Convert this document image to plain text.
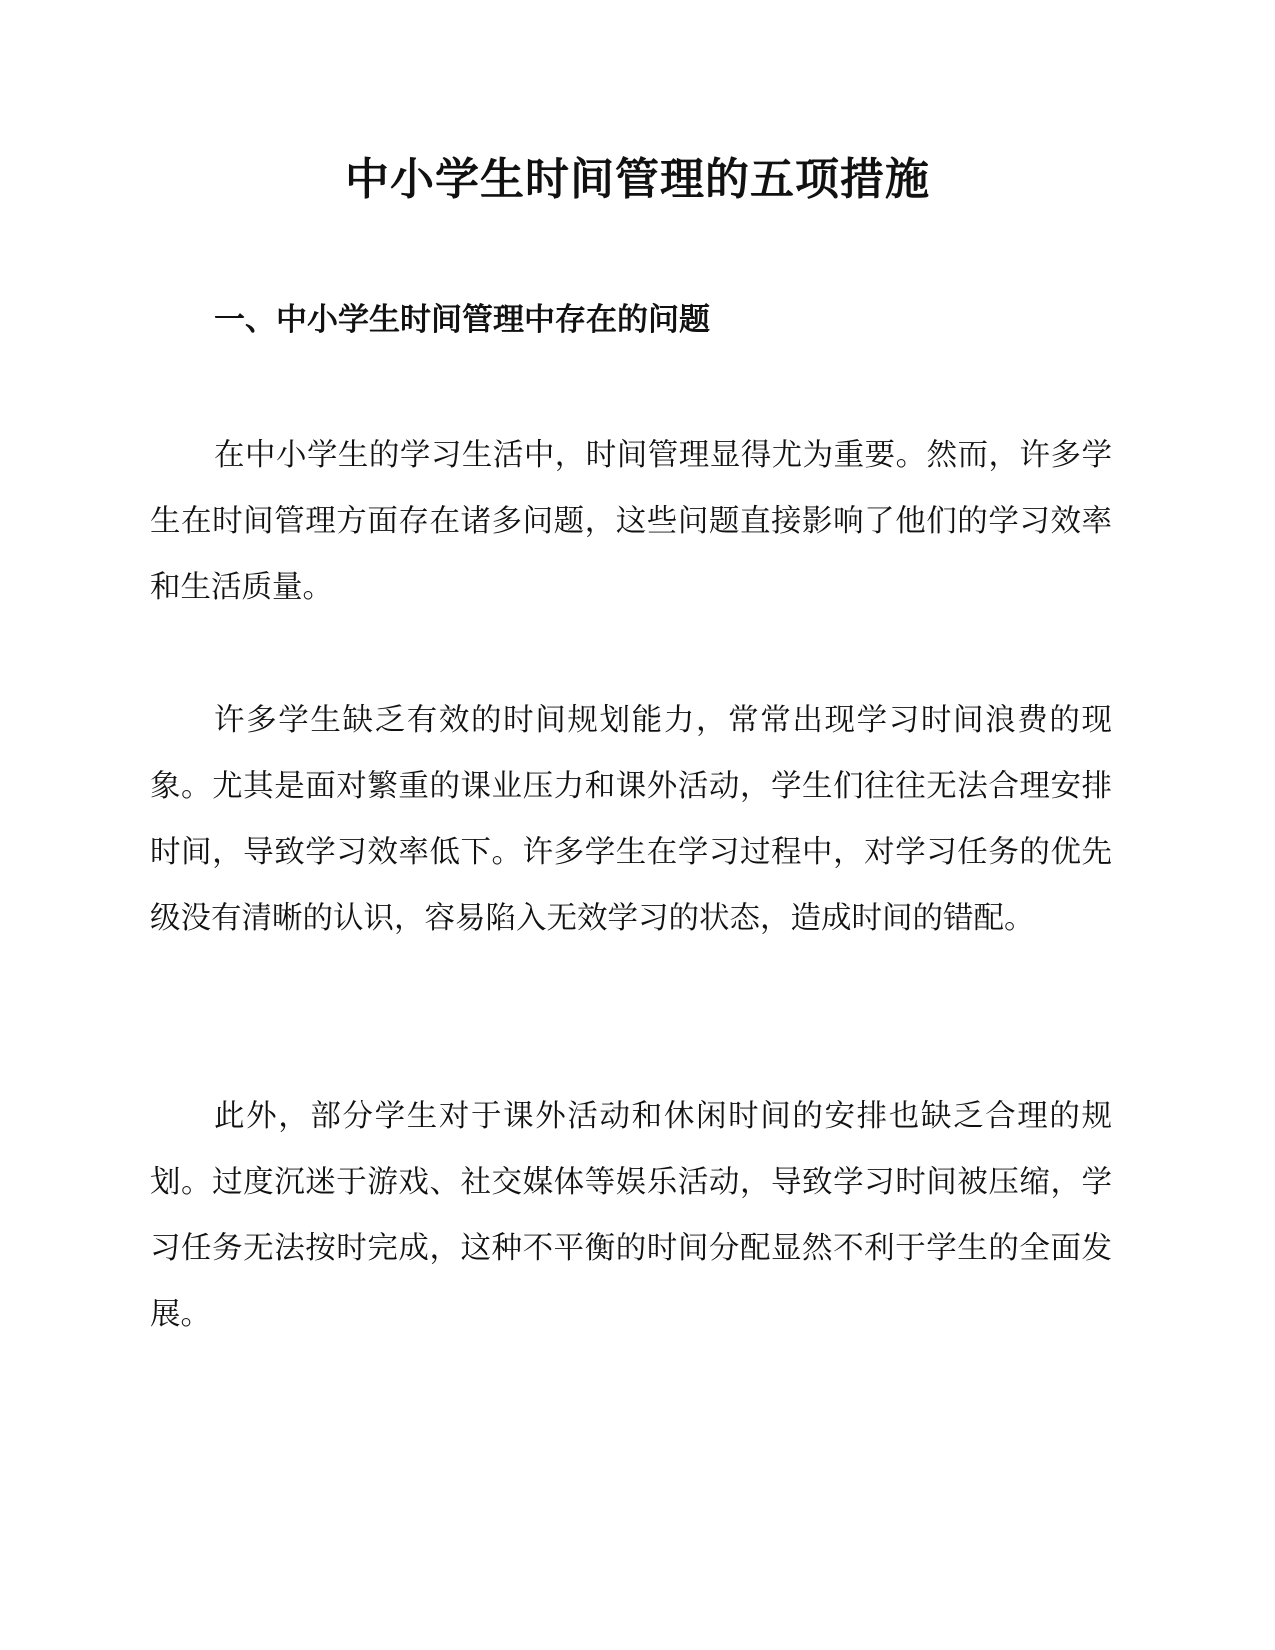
中小学生时间管理的五项措施
一、中小学生时间管理中存在的问题

在中小学生的学习生活中，时间管理显得尤为重要。然而，许多学生在时间管理方面存在诸多问题，这些问题直接影响了他们的学习效率和生活质量。

许多学生缺乏有效的时间规划能力，常常出现学习时间浪费的现象。尤其是面对繁重的课业压力和课外活动，学生们往往无法合理安排时间，导致学习效率低下。许多学生在学习过程中，对学习任务的优先级没有清晰的认识，容易陷入无效学习的状态，造成时间的错配。

此外，部分学生对于课外活动和休闲时间的安排也缺乏合理的规划。过度沉迷于游戏、社交媒体等娱乐活动，导致学习时间被压缩，学习任务无法按时完成，这种不平衡的时间分配显然不利于学生的全面发展。
